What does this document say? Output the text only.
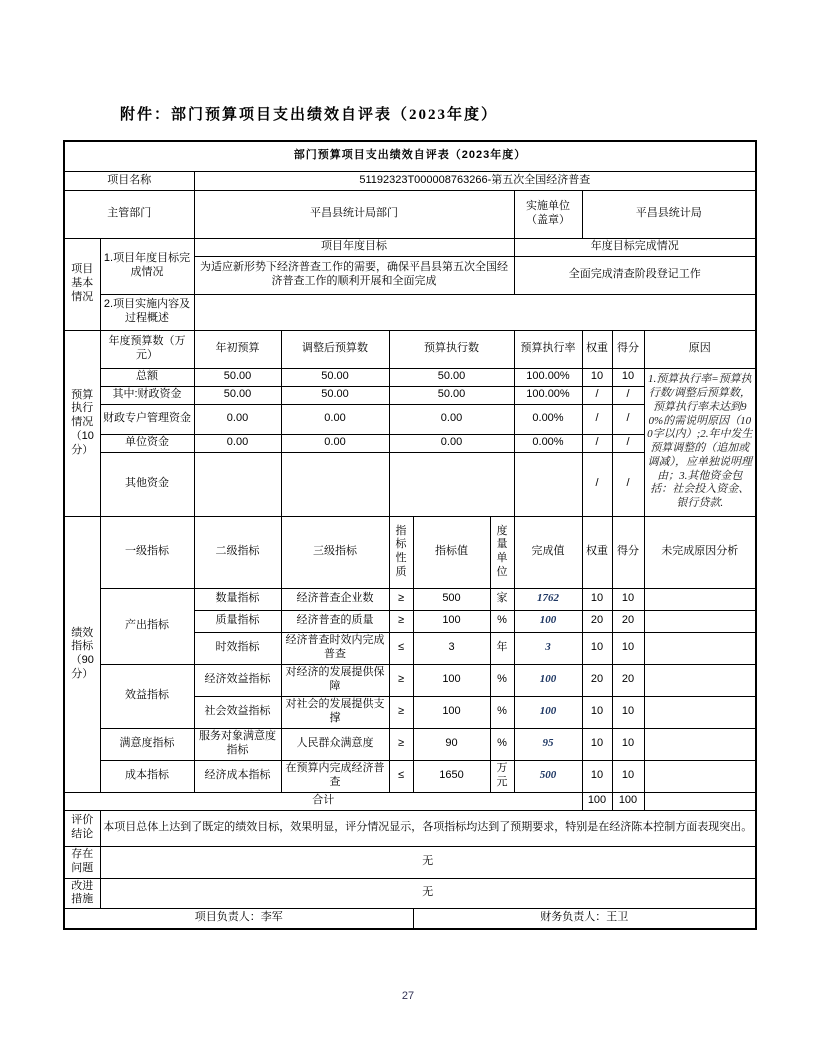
附件：部门预算项目支出绩效自评表（2023年度）
部门预算项目支出绩效自评表（2023年度）										
项目名称		51192323T000008763266-第五次全国经济普查								
主管部门		平昌县统计局部门					实施单位 （盖章）	平昌县统计局		
项目基本情况	1.项目年度目标完成情况	项目年度目标					年度目标完成情况			
		为适应新形势下经济普查工作的需要，确保平昌县第五次全国经济普查工作的顺利开展和全面完成					全面完成清查阶段登记工作			
	2.项目实施内容及过程概述									
预算执行情况（10分）	年度预算数（万元）	年初预算	调整后预算数	预算执行数			预算执行率	权重	得分	原因
	总额	50.00	50.00	50.00			100.00%	10	10	1.预算执行率=预算执行数/调整后预算数，预算执行率未达到90%的需说明原因（100字以内）;2.年中发生预算调整的（追加或调减），应单独说明理由；3.其他资金包括：社会投入资金、银行贷款.
	其中:财政资金	50.00	50.00	50.00			100.00%	/	/	
	财政专户管理资金	0.00	0.00	0.00			0.00%	/	/	
	单位资金	0.00	0.00	0.00			0.00%	/	/	
	其他资金							/	/	
绩效指标（90分）	一级指标	二级指标	三级指标	指标性质	指标值	度量单位	完成值	权重	得分	未完成原因分析
	产出指标	数量指标	经济普查企业数	≥	500	家	1762	10	10	
		质量指标	经济普查的质量	≥	100	%	100	20	20	
		时效指标	经济普查时效内完成普查	≤	3	年	3	10	10	
	效益指标	经济效益指标	对经济的发展提供保障	≥	100	%	100	20	20	
		社会效益指标	对社会的发展提供支撑	≥	100	%	100	10	10	
	满意度指标	服务对象满意度指标	人民群众满意度	≥	90	%	95	10	10	
	成本指标	经济成本指标	在预算内完成经济普查	≤	1650	万元	500	10	10	
合计								100	100	
评价结论	本项目总体上达到了既定的绩效目标，效果明显，评分情况显示，各项指标均达到了预期要求，特别是在经济陈本控制方面表现突出。									
存在问题	无									
改进措施	无									
项目负责人：李军					财务负责人：王卫					
27
